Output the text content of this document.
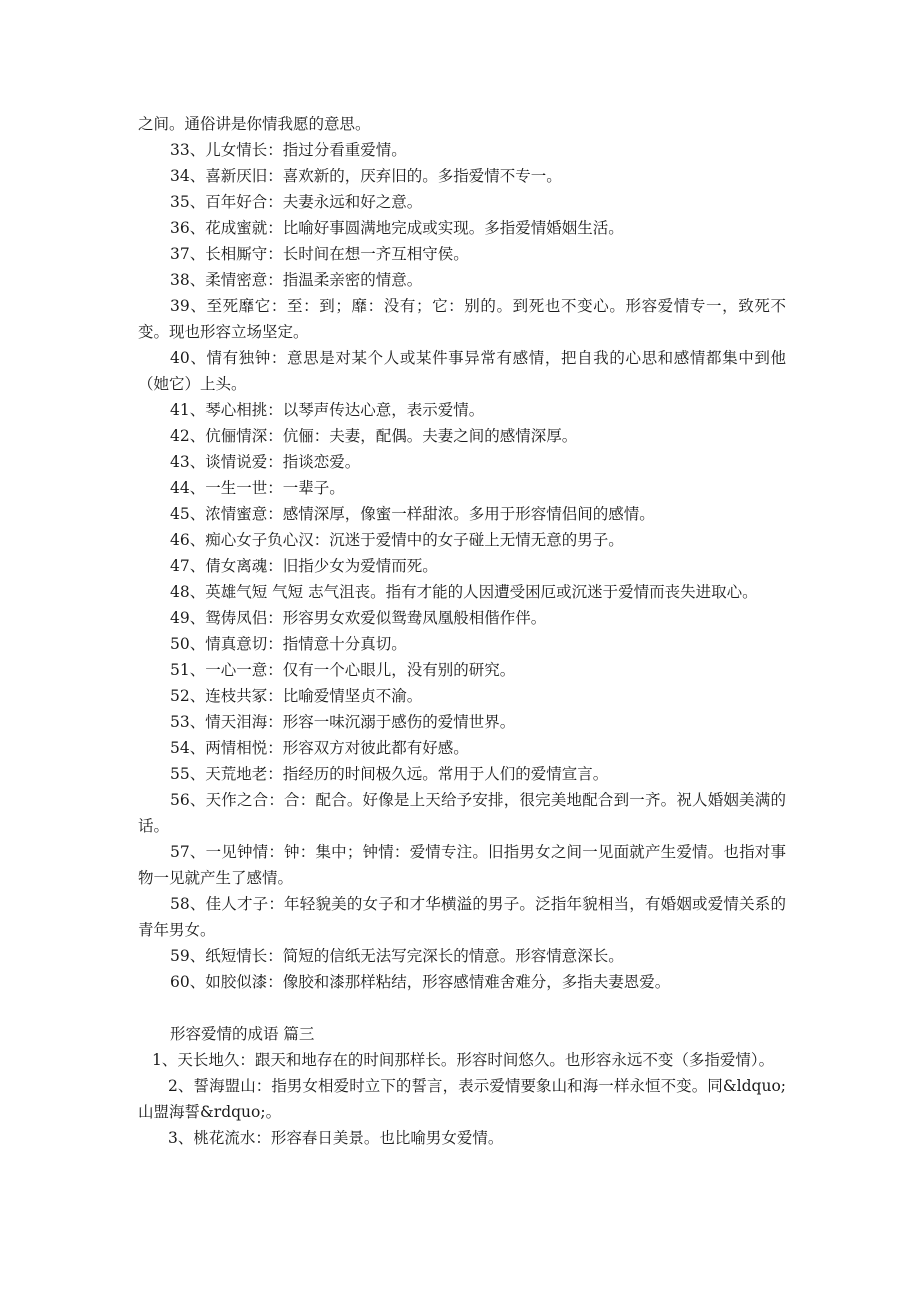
之间。通俗讲是你情我愿的意思。

33、儿女情长：指过分看重爱情。

34、喜新厌旧：喜欢新的，厌弃旧的。多指爱情不专一。

35、百年好合：夫妻永远和好之意。

36、花成蜜就：比喻好事圆满地完成或实现。多指爱情婚姻生活。

37、长相厮守：长时间在想一齐互相守侯。

38、柔情密意：指温柔亲密的情意。

39、至死靡它：至：到；靡：没有；它：别的。到死也不变心。形容爱情专一，致死不变。现也形容立场坚定。

40、情有独钟：意思是对某个人或某件事异常有感情，把自我的心思和感情都集中到他（她它）上头。

41、琴心相挑：以琴声传达心意，表示爱情。

42、伉俪情深：伉俪：夫妻，配偶。夫妻之间的感情深厚。

43、谈情说爱：指谈恋爱。

44、一生一世：一辈子。

45、浓情蜜意：感情深厚，像蜜一样甜浓。多用于形容情侣间的感情。

46、痴心女子负心汉：沉迷于爱情中的女子碰上无情无意的男子。

47、倩女离魂：旧指少女为爱情而死。

48、英雄气短 气短 志气沮丧。指有才能的人因遭受困厄或沉迷于爱情而丧失进取心。

49、鸳俦凤侣：形容男女欢爱似鸳鸯凤凰般相偕作伴。

50、情真意切：指情意十分真切。

51、一心一意：仅有一个心眼儿，没有别的研究。

52、连枝共冢：比喻爱情坚贞不渝。

53、情天泪海：形容一味沉溺于感伤的爱情世界。

54、两情相悦：形容双方对彼此都有好感。

55、天荒地老：指经历的时间极久远。常用于人们的爱情宣言。

56、天作之合：合：配合。好像是上天给予安排，很完美地配合到一齐。祝人婚姻美满的话。

57、一见钟情：钟：集中；钟情：爱情专注。旧指男女之间一见面就产生爱情。也指对事物一见就产生了感情。

58、佳人才子：年轻貌美的女子和才华横溢的男子。泛指年貌相当，有婚姻或爱情关系的青年男女。

59、纸短情长：简短的信纸无法写完深长的情意。形容情意深长。

60、如胶似漆：像胶和漆那样粘结，形容感情难舍难分，多指夫妻恩爱。

形容爱情的成语 篇三

1、天长地久：跟天和地存在的时间那样长。形容时间悠久。也形容永远不变（多指爱情）。

2、誓海盟山：指男女相爱时立下的誓言，表示爱情要象山和海一样永恒不变。同&ldquo;山盟海誓&rdquo;。

3、桃花流水：形容春日美景。也比喻男女爱情。
